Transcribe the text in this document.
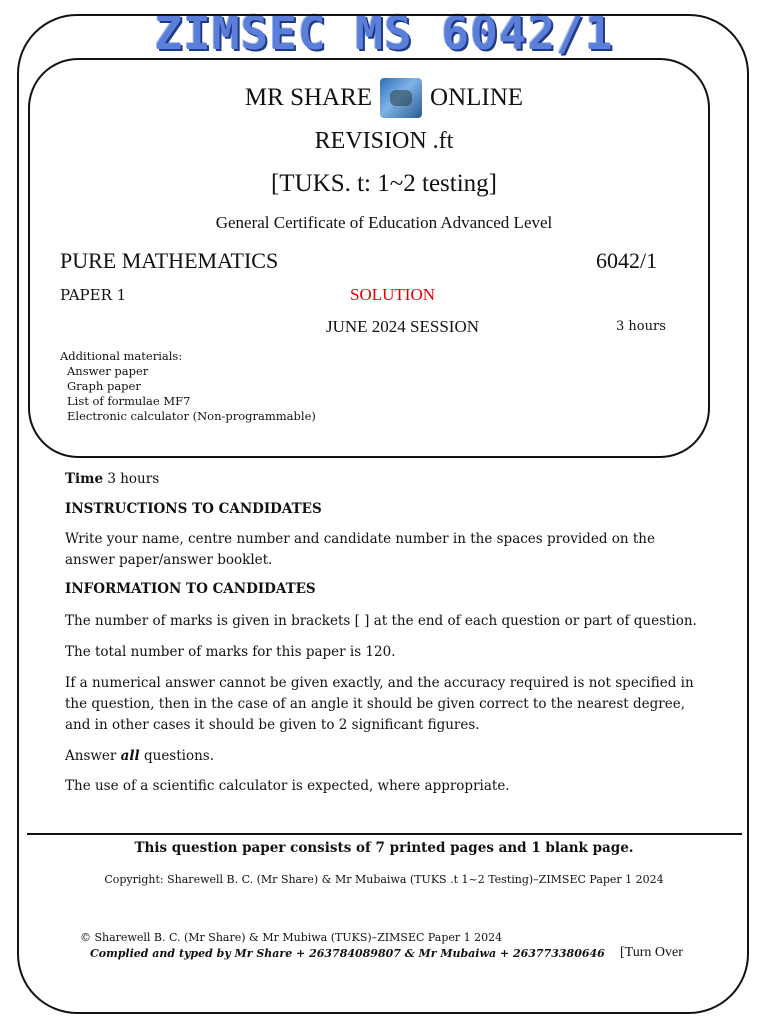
ZIMSEC MS 6042/1
MR SHARE ONLINE
REVISION .ft
[TUKS. t: 1~2 testing]
General Certificate of Education Advanced Level
PURE MATHEMATICS	6042/1
PAPER 1	SOLUTION
JUNE 2024 SESSION	3 hours
Additional materials:
Answer paper
Graph paper
List of formulae MF7
Electronic calculator (Non-programmable)
Time 3 hours
INSTRUCTIONS TO CANDIDATES
Write your name, centre number and candidate number in the spaces provided on the answer paper/answer booklet.
INFORMATION TO CANDIDATES
The number of marks is given in brackets [ ] at the end of each question or part of question.
The total number of marks for this paper is 120.
If a numerical answer cannot be given exactly, and the accuracy required is not specified in the question, then in the case of an angle it should be given correct to the nearest degree, and in other cases it should be given to 2 significant figures.
Answer all questions.
The use of a scientific calculator is expected, where appropriate.
This question paper consists of 7 printed pages and 1 blank page.
Copyright: Sharewell B. C. (Mr Share) & Mr Mubaiwa (TUKS .t 1~2 Testing)–ZIMSEC Paper 1 2024
© Sharewell B. C. (Mr Share) & Mr Mubiwa (TUKS)–ZIMSEC Paper 1 2024
Complied and typed by Mr Share + 263784089807 & Mr Mubaiwa + 263773380646 [Turn Over
